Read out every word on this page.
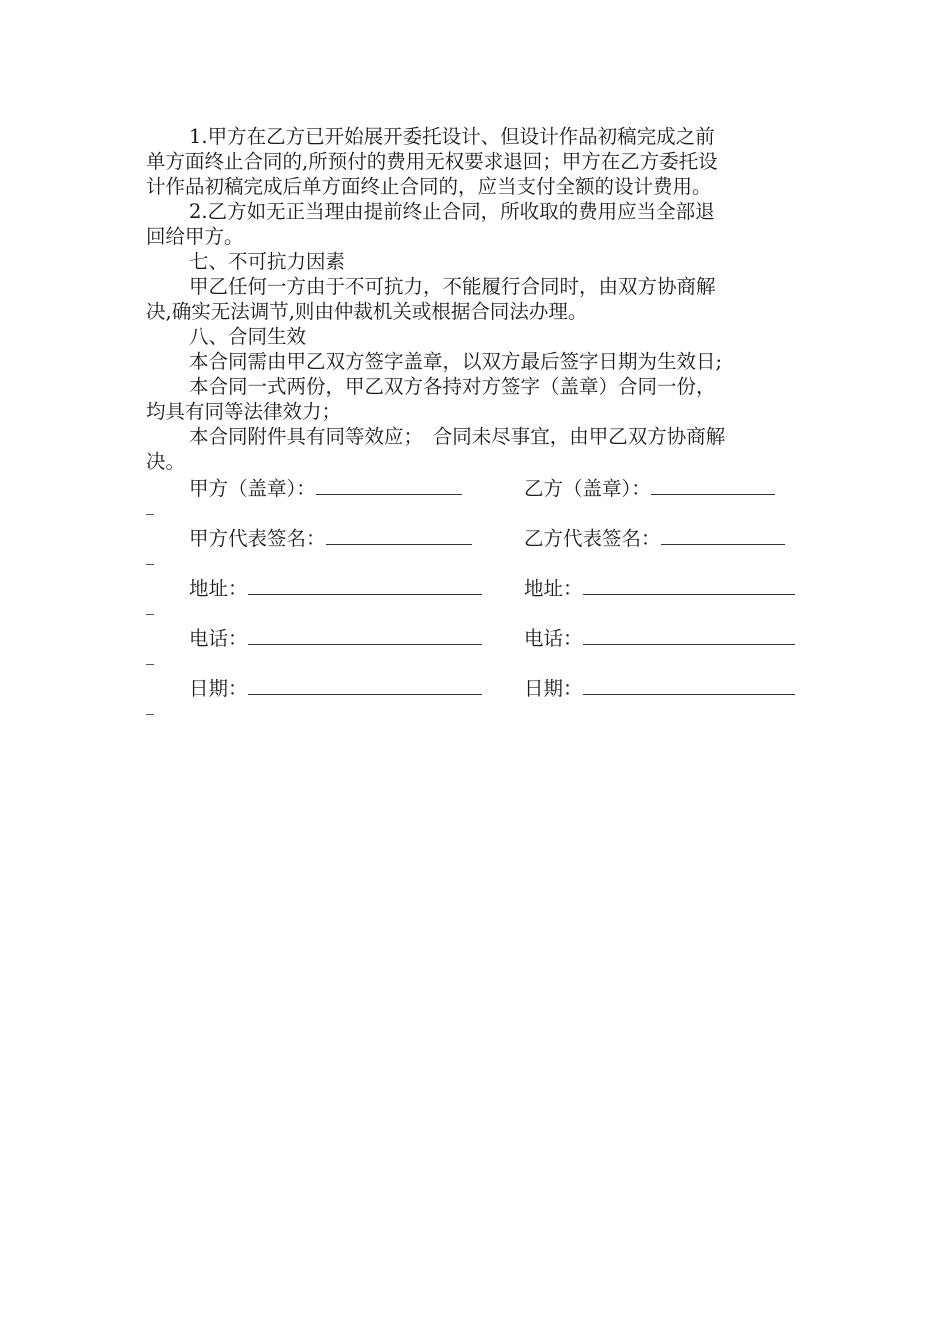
1.甲方在乙方已开始展开委托设计、但设计作品初稿完成之前

单方面终止合同的,所预付的费用无权要求退回；甲方在乙方委托设

计作品初稿完成后单方面终止合同的，应当支付全额的设计费用。

2.乙方如无正当理由提前终止合同，所收取的费用应当全部退

回给甲方。

七、不可抗力因素

甲乙任何一方由于不可抗力，不能履行合同时，由双方协商解

决,确实无法调节,则由仲裁机关或根据合同法办理。

八、合同生效

本合同需由甲乙双方签字盖章，以双方最后签字日期为生效日;

本合同一式两份，甲乙双方各持对方签字（盖章）合同一份，

均具有同等法律效力；

本合同附件具有同等效应；　合同未尽事宜，由甲乙双方协商解

决。

甲方（盖章）：	乙方（盖章）：
甲方代表签名：	乙方代表签名：
地址：	地址：
电话：	电话：
日期：	日期：
